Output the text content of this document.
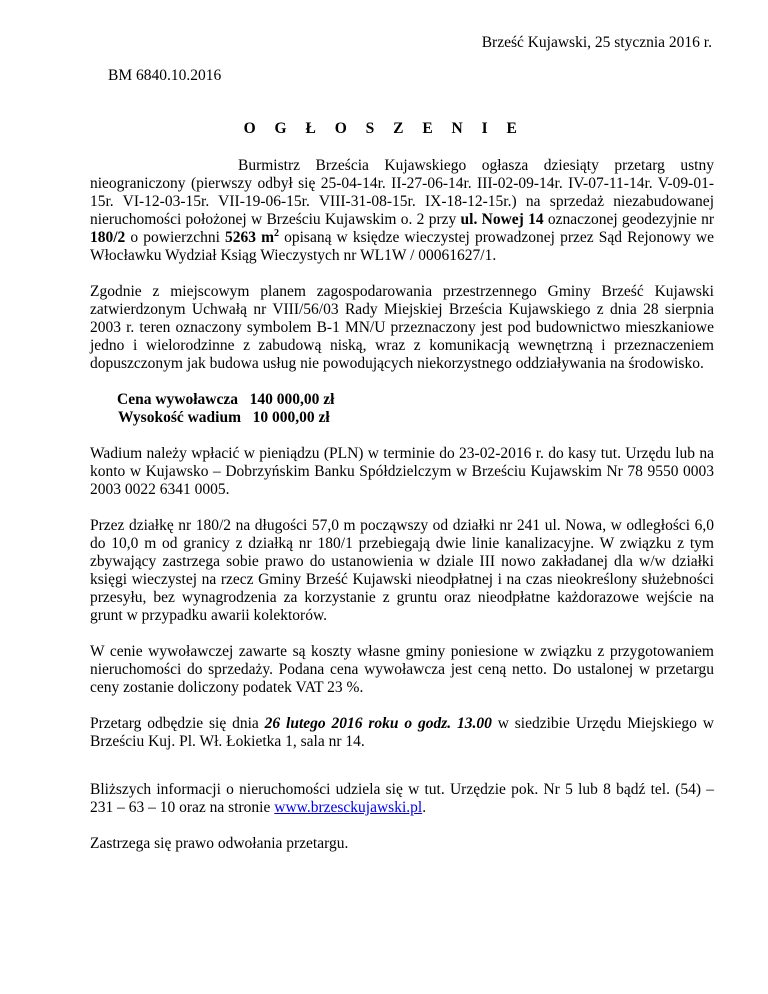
Brześć Kujawski, 25 stycznia 2016 r.
BM 6840.10.2016
O G Ł O S Z E N I E

Burmistrz Brześcia Kujawskiego ogłasza dziesiąty przetarg ustny nieograniczony (pierwszy odbył się 25-04-14r. II-27-06-14r. III-02-09-14r. IV-07-11-14r. V-09-01-15r. VI-12-03-15r. VII-19-06-15r. VIII-31-08-15r. IX-18-12-15r.) na sprzedaż niezabudowanej nieruchomości położonej w Brześciu Kujawskim o. 2 przy ul. Nowej 14 oznaczonej geodezyjnie nr 180/2 o powierzchni 5263 $m^2$ opisaną w księdze wieczystej prowadzonej przez Sąd Rejonowy we Włocławku Wydział Ksiąg Wieczystych nr WL1W / 00061627/1.

Zgodnie z miejscowym planem zagospodarowania przestrzennego Gminy Brześć Kujawski zatwierdzonym Uchwałą nr VIII/56/03 Rady Miejskiej Brześcia Kujawskiego z dnia 28 sierpnia 2003 r. teren oznaczony symbolem B-1 MN/U przeznaczony jest pod budownictwo mieszkaniowe jedno i wielorodzinne z zabudową niską, wraz z komunikacją wewnętrzną i przeznaczeniem dopuszczonym jak budowa usług nie powodujących niekorzystnego oddziaływania na środowisko.

Cena wywoławcza 140 000,00 zł
Wysokość wadium 10 000,00 zł

Wadium należy wpłacić w pieniądzu (PLN) w terminie do 23-02-2016 r. do kasy tut. Urzędu lub na konto w Kujawsko – Dobrzyńskim Banku Spółdzielczym w Brześciu Kujawskim Nr 78 9550 0003 2003 0022 6341 0005.

Przez działkę nr 180/2 na długości 57,0 m począwszy od działki nr 241 ul. Nowa, w odległości 6,0 do 10,0 m od granicy z działką nr 180/1 przebiegają dwie linie kanalizacyjne. W związku z tym zbywający zastrzega sobie prawo do ustanowienia w dziale III nowo zakładanej dla w/w działki księgi wieczystej na rzecz Gminy Brześć Kujawski nieodpłatnej i na czas nieokreślony służebności przesyłu, bez wynagrodzenia za korzystanie z gruntu oraz nieodpłatne każdorazowe wejście na grunt w przypadku awarii kolektorów.

W cenie wywoławczej zawarte są koszty własne gminy poniesione w związku z przygotowaniem nieruchomości do sprzedaży. Podana cena wywoławcza jest ceną netto. Do ustalonej w przetargu ceny zostanie doliczony podatek VAT 23 %.

Przetarg odbędzie się dnia 26 lutego 2016 roku o godz. 13.00 w siedzibie Urzędu Miejskiego w Brześciu Kuj. Pl. Wł. Łokietka 1, sala nr 14.

Bliższych informacji o nieruchomości udziela się w tut. Urzędzie pok. Nr 5 lub 8 bądź tel. (54) – 231 – 63 – 10 oraz na stronie www.brzesckujawski.pl.

Zastrzega się prawo odwołania przetargu.
